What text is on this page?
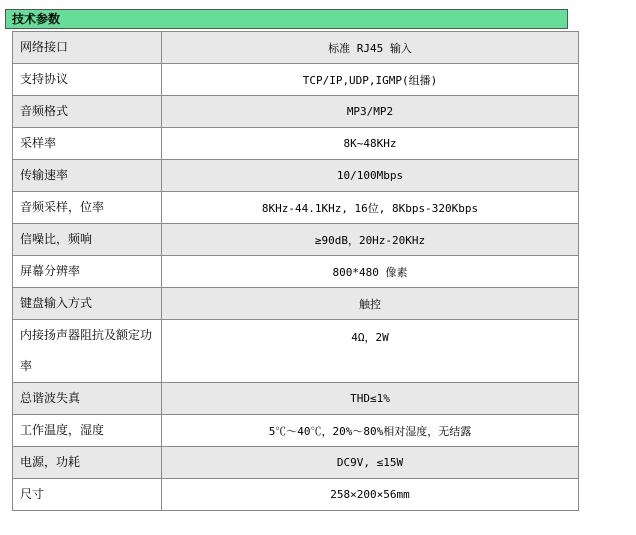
技术参数
网络接口	标准 RJ45 输入
支持协议	TCP/IP,UDP,IGMP(组播)
音频格式	MP3/MP2
采样率	8K~48KHz
传输速率	10/100Mbps
音频采样，位率	8KHz-44.1KHz, 16位, 8Kbps-320Kbps
信噪比，频响	≥90dB，20Hz-20KHz
屏幕分辨率	800*480 像素
键盘输入方式	触控
内接扬声器阻抗及额定功率	4Ω，2W
总谐波失真	THD≤1%
工作温度，湿度	5℃～40℃，20%～80%相对湿度，无结露
电源，功耗	DC9V, ≤15W
尺寸	258×200×56mm
